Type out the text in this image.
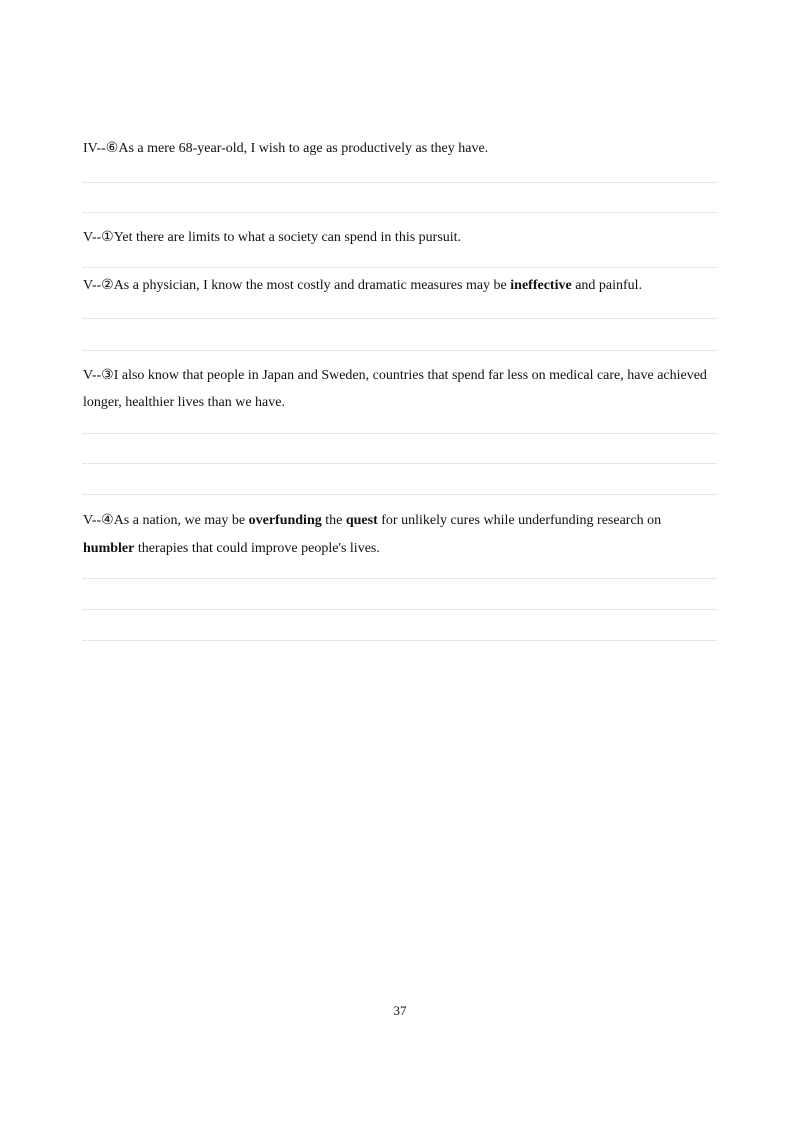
IV--⑥As a mere 68-year-old, I wish to age as productively as they have.
V--①Yet there are limits to what a society can spend in this pursuit.
V--②As a physician, I know the most costly and dramatic measures may be ineffective and painful.
V--③I also know that people in Japan and Sweden, countries that spend far less on medical care, have achieved
longer, healthier lives than we have.
V--④As a nation, we may be overfunding the quest for unlikely cures while underfunding research on
humbler therapies that could improve people's lives.
37
